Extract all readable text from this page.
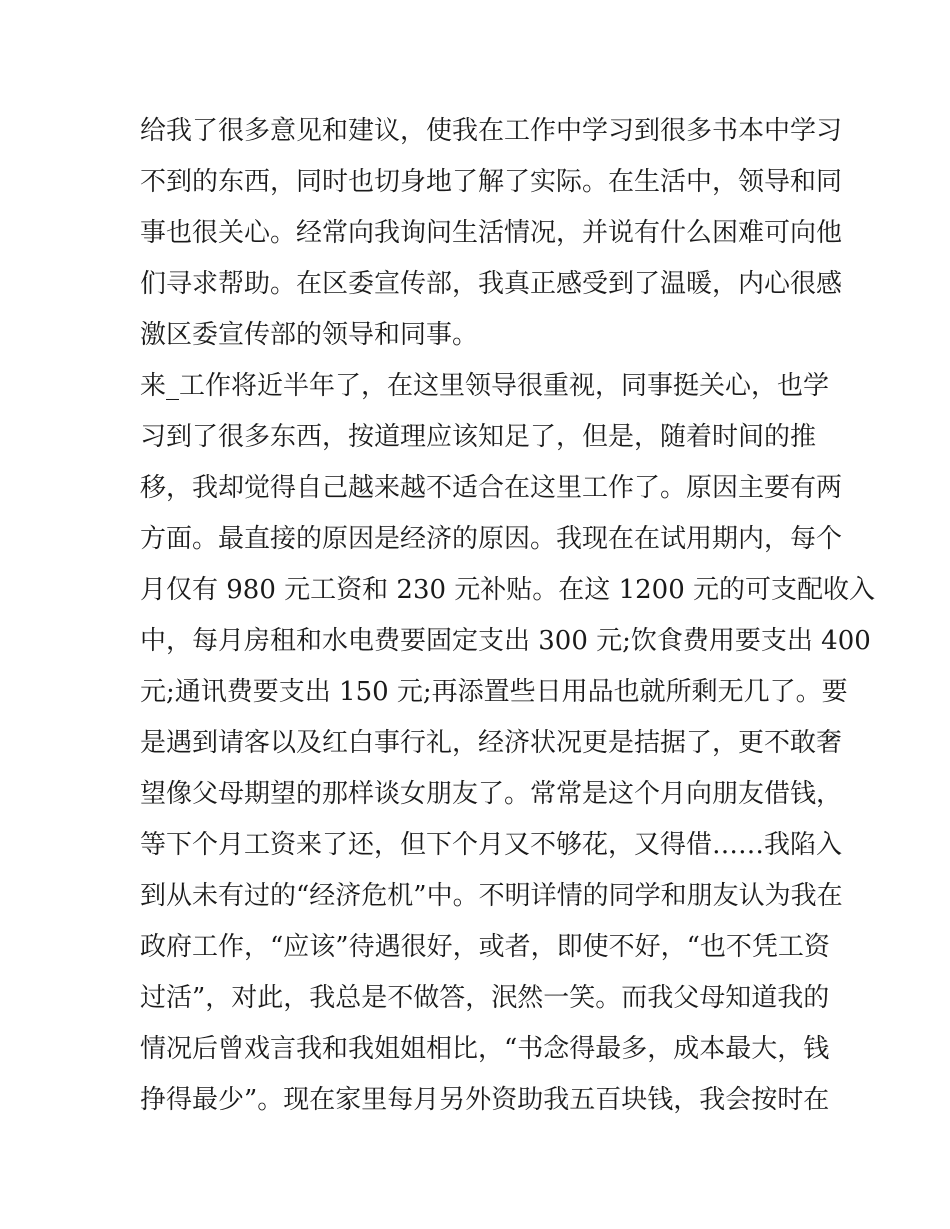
给我了很多意见和建议，使我在工作中学习到很多书本中学习
不到的东西，同时也切身地了解了实际。在生活中，领导和同
事也很关心。经常向我询问生活情况，并说有什么困难可向他
们寻求帮助。在区委宣传部，我真正感受到了温暖，内心很感
激区委宣传部的领导和同事。
来_工作将近半年了，在这里领导很重视，同事挺关心，也学
习到了很多东西，按道理应该知足了，但是，随着时间的推
移，我却觉得自己越来越不适合在这里工作了。原因主要有两
方面。最直接的原因是经济的原因。我现在在试用期内，每个
月仅有 980 元工资和 230 元补贴。在这 1200 元的可支配收入
中，每月房租和水电费要固定支出 300 元;饮食费用要支出 400
元;通讯费要支出 150 元;再添置些日用品也就所剩无几了。要
是遇到请客以及红白事行礼，经济状况更是拮据了，更不敢奢
望像父母期望的那样谈女朋友了。常常是这个月向朋友借钱，
等下个月工资来了还，但下个月又不够花，又得借……我陷入
到从未有过的“经济危机”中。不明详情的同学和朋友认为我在
政府工作，“应该”待遇很好，或者，即使不好，“也不凭工资
过活”，对此，我总是不做答，泯然一笑。而我父母知道我的
情况后曾戏言我和我姐姐相比，“书念得最多，成本最大，钱
挣得最少”。现在家里每月另外资助我五百块钱，我会按时在
